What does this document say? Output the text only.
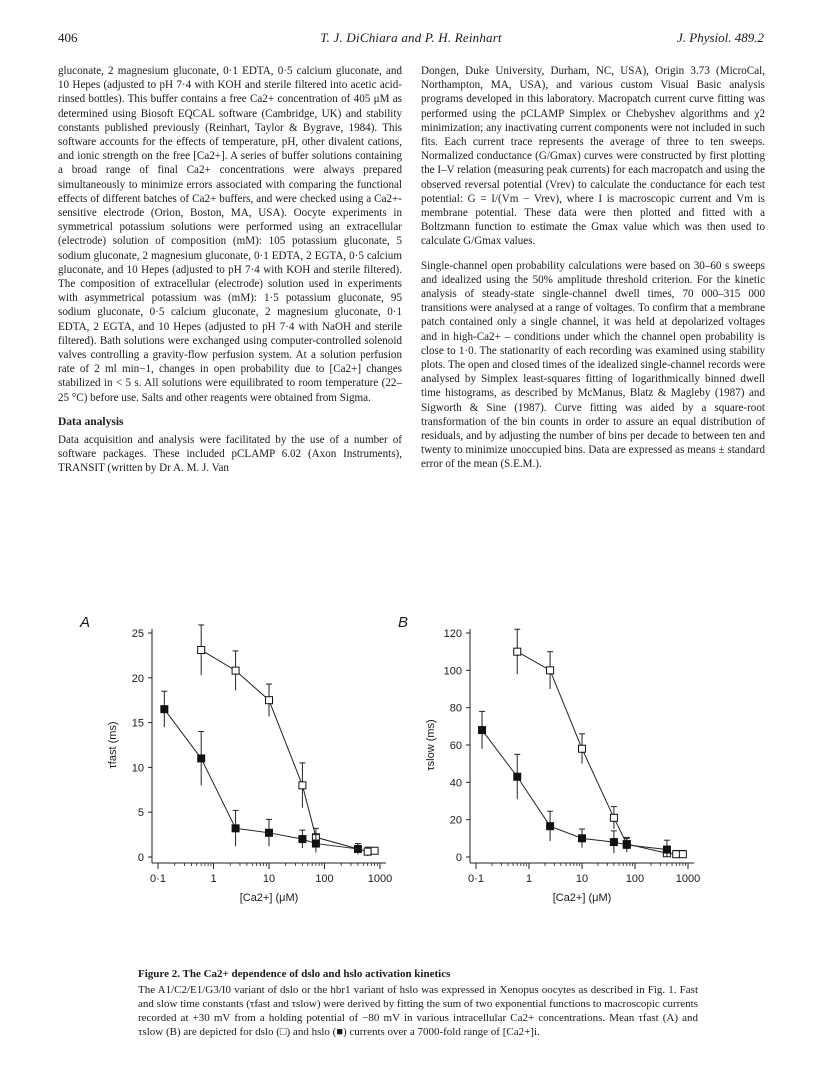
406	T. J. DiChiara and P. H. Reinhart	J. Physiol. 489.2

gluconate, 2 magnesium gluconate, 0·1 EDTA, 0·5 calcium gluconate, and 10 Hepes (adjusted to pH 7·4 with KOH and sterile filtered into acetic acid-rinsed bottles). This buffer contains a free Ca2+ concentration of 405 μM as determined using Biosoft EQCAL software (Cambridge, UK) and stability constants published previously (Reinhart, Taylor & Bygrave, 1984). This software accounts for the effects of temperature, pH, other divalent cations, and ionic strength on the free [Ca2+]. A series of buffer solutions containing a broad range of final Ca2+ concentrations were always prepared simultaneously to minimize errors associated with comparing the functional effects of different batches of Ca2+ buffers, and were checked using a Ca2+-sensitive electrode (Orion, Boston, MA, USA). Oocyte experiments in symmetrical potassium solutions were performed using an extracellular (electrode) solution of composition (mM): 105 potassium gluconate, 5 sodium gluconate, 2 magnesium gluconate, 0·1 EDTA, 2 EGTA, 0·5 calcium gluconate, and 10 Hepes (adjusted to pH 7·4 with KOH and sterile filtered). The composition of extracellular (electrode) solution used in experiments with asymmetrical potassium was (mM): 1·5 potassium gluconate, 95 sodium gluconate, 0·5 calcium gluconate, 2 magnesium gluconate, 0·1 EDTA, 2 EGTA, and 10 Hepes (adjusted to pH 7·4 with NaOH and sterile filtered). Bath solutions were exchanged using computer-controlled solenoid valves controlling a gravity-flow perfusion system. At a solution perfusion rate of 2 ml min−1, changes in open probability due to [Ca2+] changes stabilized in < 5 s. All solutions were equilibrated to room temperature (22–25 °C) before use. Salts and other reagents were obtained from Sigma.

Data analysis

Data acquisition and analysis were facilitated by the use of a number of software packages. These included pCLAMP 6.02 (Axon Instruments), TRANSIT (written by Dr A. M. J. Van

Dongen, Duke University, Durham, NC, USA), Origin 3.73 (MicroCal, Northampton, MA, USA), and various custom Visual Basic analysis programs developed in this laboratory. Macropatch current curve fitting was performed using the pCLAMP Simplex or Chebyshev algorithms and χ2 minimization; any inactivating current components were not included in such fits. Each current trace represents the average of three to ten sweeps. Normalized conductance (G/Gmax) curves were constructed by first plotting the I–V relation (measuring peak currents) for each macropatch and using the observed reversal potential (Vrev) to calculate the conductance for each test potential: G = I/(Vm − Vrev), where I is macroscopic current and Vm is membrane potential. These data were then plotted and fitted with a Boltzmann function to estimate the Gmax value which was then used to calculate G/Gmax values.

Single-channel open probability calculations were based on 30–60 s sweeps and idealized using the 50% amplitude threshold criterion. For the kinetic analysis of steady-state single-channel dwell times, 70 000–315 000 transitions were analysed at a range of voltages. To confirm that a membrane patch contained only a single channel, it was held at depolarized voltages and in high-Ca2+ – conditions under which the channel open probability is close to 1·0. The stationarity of each recording was examined using stability plots. The open and closed times of the idealized single-channel records were analysed by Simplex least-squares fitting of logarithmically binned dwell time histograms, as described by McManus, Blatz & Magleby (1987) and Sigworth & Sine (1987). Curve fitting was aided by a square-root transformation of the bin counts in order to assure an equal distribution of residuals, and by adjusting the number of bins per decade to between ten and twenty to minimize unoccupied bins. Data are expressed as means ± standard error of the mean (S.E.M.).

0
5
10
15
20
25
0·1	1	10	100	1000
[Ca2+] (μM)
τfast (ms)
A
0
20
40
60
80
100
120
0·1	1	10	100	1000
[Ca2+] (μM)
τslow (ms)
B
Figure 2. The Ca2+ dependence of dslo and hslo activation kinetics
The A1/C2/E1/G3/I0 variant of dslo or the hbr1 variant of hslo was expressed in Xenopus oocytes as described in Fig. 1. Fast and slow time constants (τfast and τslow) were derived by fitting the sum of two exponential functions to macroscopic currents recorded at +30 mV from a holding potential of −80 mV in various intracellular Ca2+ concentrations. Mean τfast (A) and τslow (B) are depicted for dslo (□) and hslo (■) currents over a 7000-fold range of [Ca2+]i.
